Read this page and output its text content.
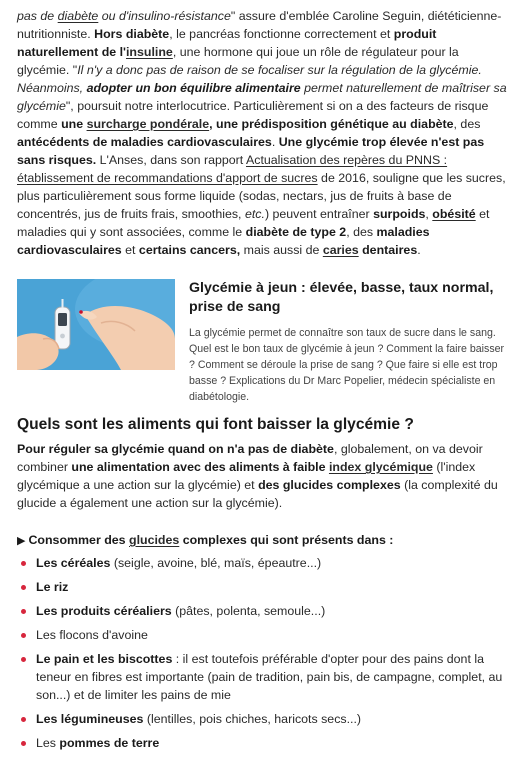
pas de diabète ou d'insulino-résistance" assure d'emblée Caroline Seguin, diététicienne-nutritionniste. Hors diabète, le pancréas fonctionne correctement et produit naturellement de l'insuline, une hormone qui joue un rôle de régulateur pour la glycémie. "Il n'y a donc pas de raison de se focaliser sur la régulation de la glycémie. Néanmoins, adopter un bon équilibre alimentaire permet naturellement de maîtriser sa glycémie", poursuit notre interlocutrice. Particulièrement si on a des facteurs de risque comme une surcharge pondérale, une prédisposition génétique au diabète, des antécédents de maladies cardiovasculaires. Une glycémie trop élevée n'est pas sans risques. L'Anses, dans son rapport Actualisation des repères du PNNS : établissement de recommandations d'apport de sucres de 2016, souligne que les sucres, plus particulièrement sous forme liquide (sodas, nectars, jus de fruits à base de concentrés, jus de fruits frais, smoothies, etc.) peuvent entraîner surpoids, obésité et maladies qui y sont associées, comme le diabète de type 2, des maladies cardiovasculaires et certains cancers, mais aussi de caries dentaires.

Glycémie à jeun : élevée, basse, taux normal, prise de sang
La glycémie permet de connaître son taux de sucre dans le sang. Quel est le bon taux de glycémie à jeun ? Comment la faire baisser ? Comment se déroule la prise de sang ? Que faire si elle est trop basse ? Explications du Dr Marc Popelier, médecin spécialiste en diabétologie.
Quels sont les aliments qui font baisser la glycémie ?

Pour réguler sa glycémie quand on n'a pas de diabète, globalement, on va devoir combiner une alimentation avec des aliments à faible index glycémique (l'index glycémique a une action sur la glycémie) et des glucides complexes (la complexité du glucide a également une action sur la glycémie).

▶ Consommer des glucides complexes qui sont présents dans :

Les céréales (seigle, avoine, blé, maïs, épeautre...)
Le riz
Les produits céréaliers (pâtes, polenta, semoule...)
Les flocons d'avoine
Le pain et les biscottes : il est toutefois préférable d'opter pour des pains dont la teneur en fibres est importante (pain de tradition, pain bis, de campagne, complet, au son...) et de limiter les pains de mie
Les légumineuses (lentilles, pois chiches, haricots secs...)
Les pommes de terre
